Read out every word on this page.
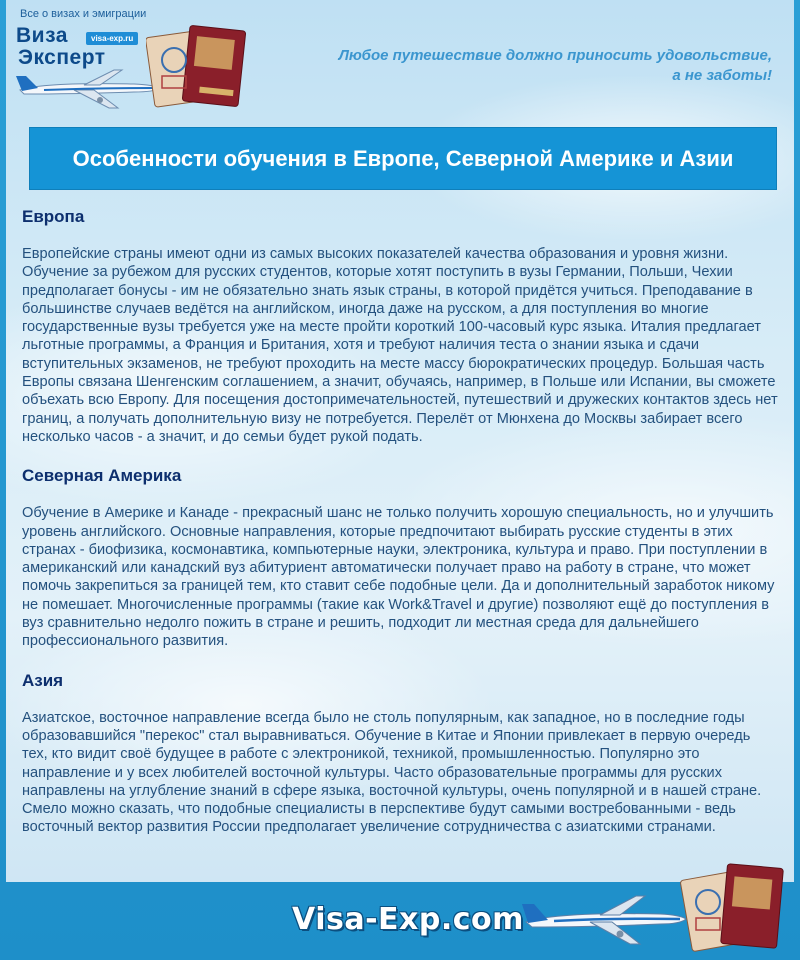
Все о визах и эмиграции
Виза
Эксперт
visa-exp.ru
Любое путешествие должно приносить удовольствие,
а не заботы!
Особенности обучения в Европе, Северной Америке и Азии
Европа

Европейские страны имеют одни из самых высоких показателей качества образования и уровня жизни. Обучение за рубежом для русских студентов, которые хотят поступить в вузы Германии, Польши, Чехии предполагает бонусы - им не обязательно знать язык страны, в которой придётся учиться. Преподавание в большинстве случаев ведётся на английском, иногда даже на русском, а для поступления во многие государственные вузы требуется уже на месте пройти короткий 100-часовый курс языка. Италия предлагает льготные программы, а Франция и Британия, хотя и требуют наличия теста о знании языка и сдачи вступительных экзаменов, не требуют проходить на месте массу бюрократических процедур. Большая часть Европы связана Шенгенским соглашением, а значит, обучаясь, например, в Польше или Испании, вы сможете объехать всю Европу. Для посещения достопримечательностей, путешествий и дружеских контактов здесь нет границ, а получать дополнительную визу не потребуется. Перелёт от Мюнхена до Москвы забирает всего несколько часов - а значит, и до семьи будет рукой подать.

Северная Америка

Обучение в Америке и Канаде - прекрасный шанс не только получить хорошую специальность, но и улучшить уровень английского. Основные направления, которые предпочитают выбирать русские студенты в этих странах - биофизика, космонавтика, компьютерные науки, электроника, культура и право. При поступлении в американский или канадский вуз абитуриент автоматически получает право на работу в стране, что может помочь закрепиться за границей тем, кто ставит себе подобные цели. Да и дополнительный заработок никому не помешает. Многочисленные программы (такие как Work&Travel и другие) позволяют ещё до поступления в вуз сравнительно недолго пожить в стране и решить, подходит ли местная среда для дальнейшего профессионального развития.

Азия

Азиатское, восточное направление всегда было не столь популярным, как западное, но в последние годы образовавшийся "перекос" стал выравниваться. Обучение в Китае и Японии привлекает в первую очередь тех, кто видит своё будущее в работе с электроникой, техникой, промышленностью. Популярно это направление и у всех любителей восточной культуры. Часто образовательные программы для русских направлены на углубление знаний в сфере языка, восточной культуры, очень популярной и в нашей стране. Смело можно сказать, что подобные специалисты в перспективе будут самыми востребованными - ведь восточный вектор развития России предполагает увеличение сотрудничества с азиатскими странами.

Visa-Exp.com
